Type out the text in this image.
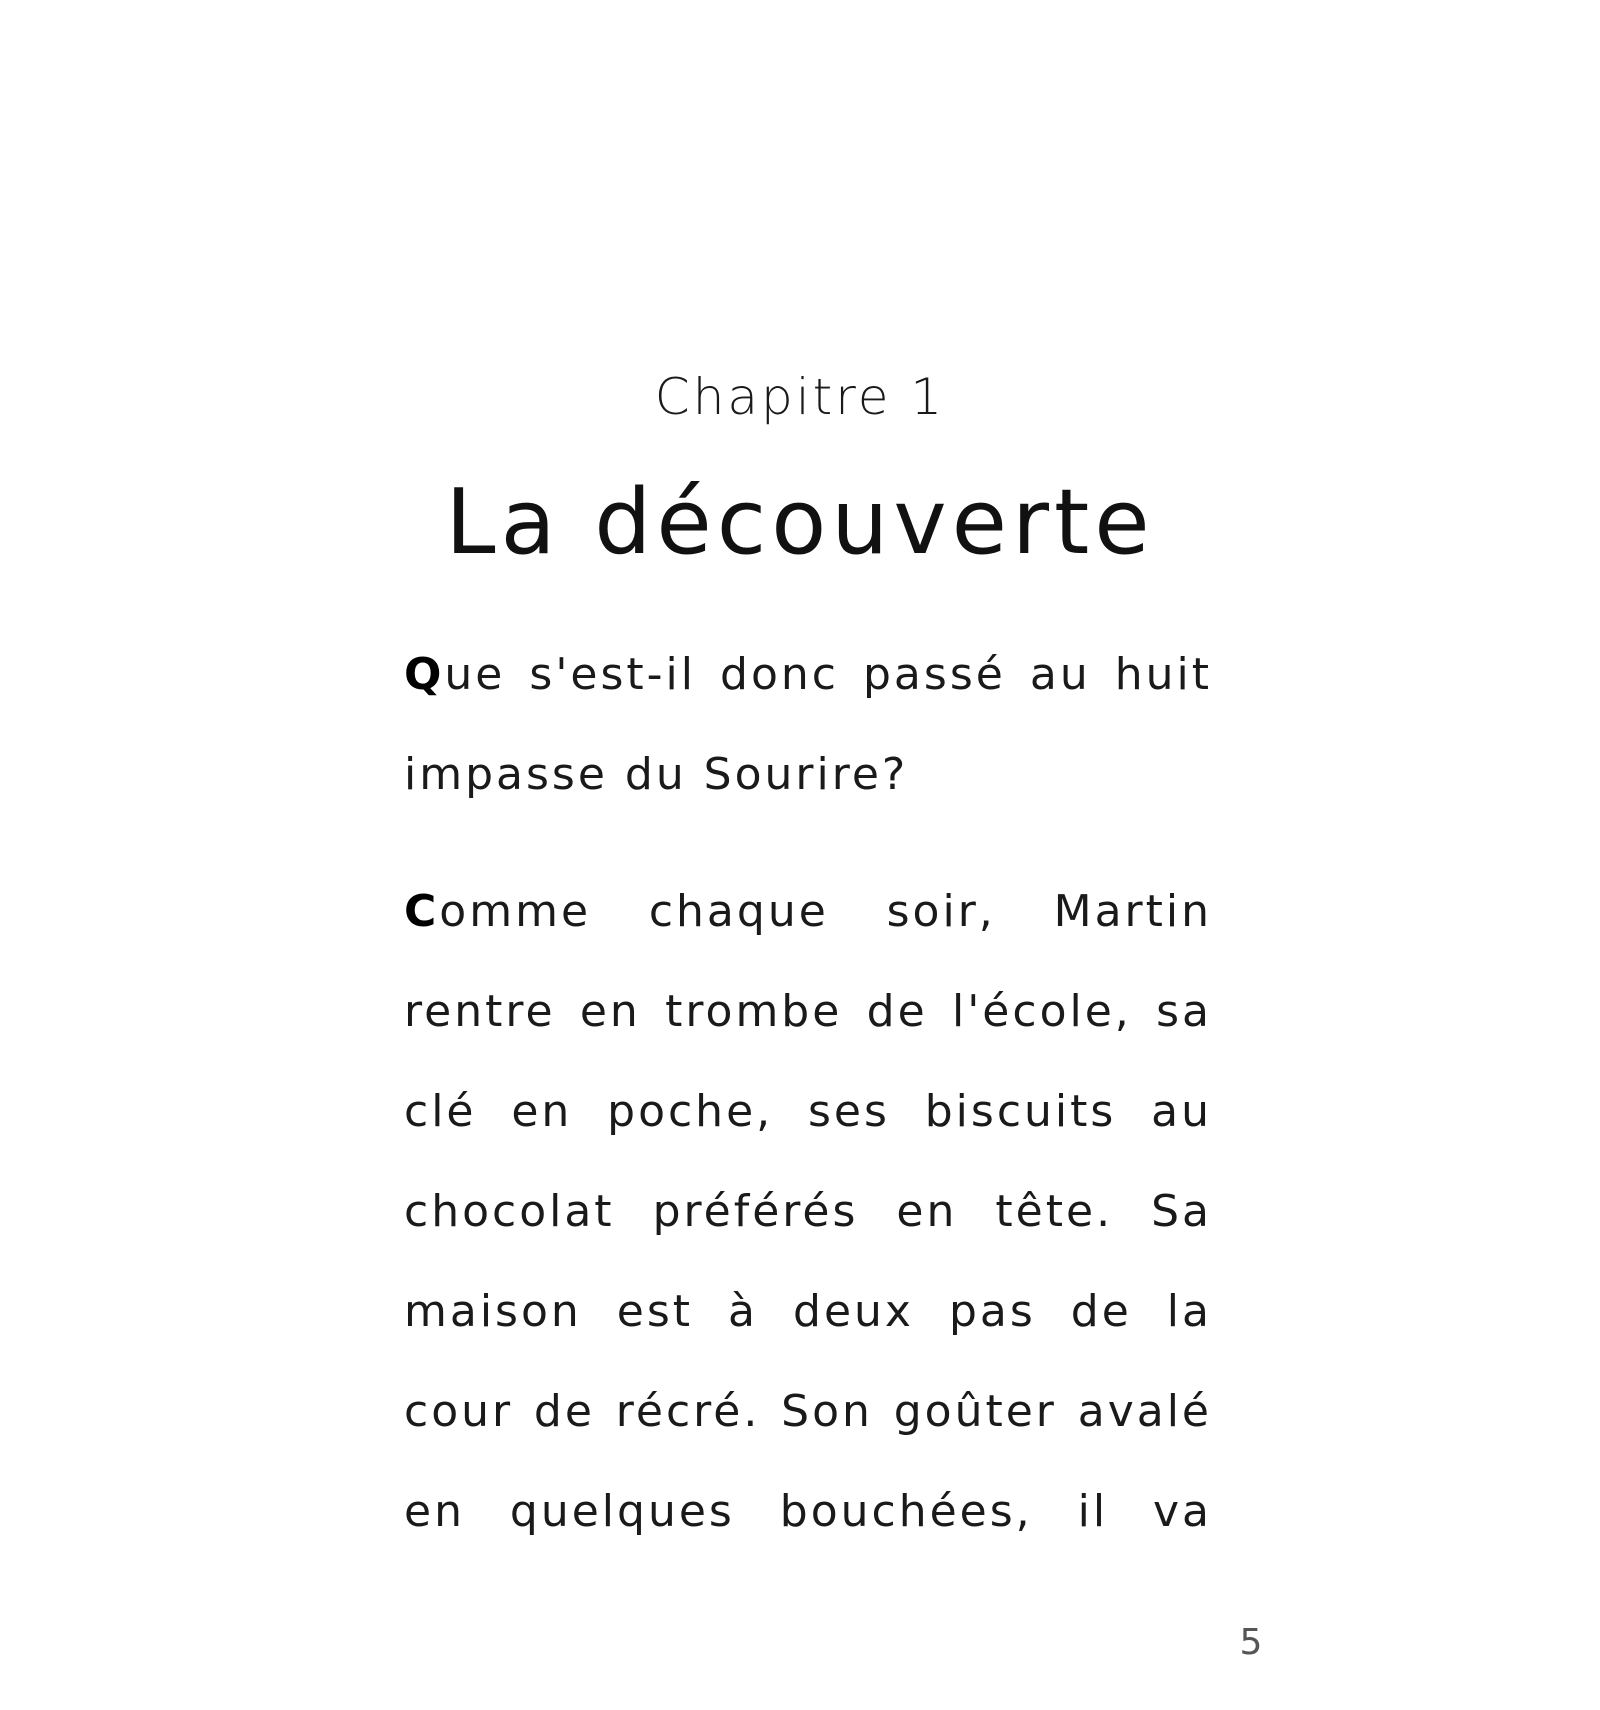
Chapitre 1
La découverte

Que s'est-il donc passé au huit impasse du Sourire?

Comme chaque soir, Martin rentre en trombe de l'école, sa clé en poche, ses biscuits au chocolat préférés en tête. Sa maison est à deux pas de la cour de récré. Son goûter avalé en quelques bouchées, il va

5
